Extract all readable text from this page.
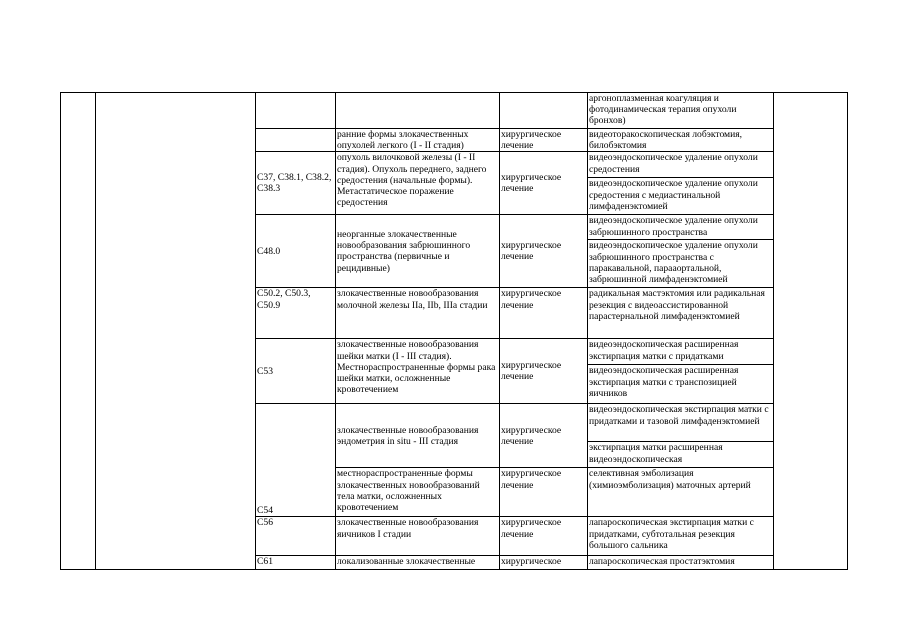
					аргоноплазменная коагуляция и фотодинамическая терапия опухоли бронхов)	
			ранние формы злокачественных опухолей легкого (I - II стадия)	хирургическое лечение	видеоторакоскопическая лобэктомия, билобэктомия	
		C37, C38.1, C38.2, C38.3	опухоль вилочковой железы (I - II стадия). Опухоль переднего, заднего средостения (начальные формы). Метастатическое поражение средостения	хирургическое лечение	видеоэндоскопическое удаление опухоли средостения	
					видеоэндоскопическое удаление опухоли средостения с медиастинальной лимфаденэктомией	
		C48.0	неорганные злокачественные новообразования забрюшинного пространства (первичные и рецидивные)	хирургическое лечение	видеоэндоскопическое удаление опухоли забрюшинного пространства	
					видеоэндоскопическое удаление опухоли забрюшинного пространства с паракавальной, парааортальной, забрюшинной лимфаденэктомией	
		C50.2, C50.3, C50.9	злокачественные новообразования молочной железы IIa, IIb, IIIa стадии	хирургическое лечение	радикальная мастэктомия или радикальная резекция с видеоассистированной парастернальной лимфаденэктомией	
		C53	злокачественные новообразования шейки матки (I - III стадия). Местнораспространенные формы рака шейки матки, осложненные кровотечением	хирургическое лечение	видеоэндоскопическая расширенная экстирпация матки с придатками	
					видеоэндоскопическая расширенная экстирпация матки с транспозицией яичников	
		C54	злокачественные новообразования эндометрия in situ - III стадия	хирургическое лечение	видеоэндоскопическая экстирпация матки с придатками и тазовой лимфаденэктомией	
					экстирпация матки расширенная видеоэндоскопическая	
			местнораспространенные формы злокачественных новообразований тела матки, осложненных кровотечением	хирургическое лечение	селективная эмболизация (химиоэмболизация) маточных артерий	
		C56	злокачественные новообразования яичников I стадии	хирургическое лечение	лапароскопическая экстирпация матки с придатками, субтотальная резекция большого сальника	
		C61	локализованные злокачественные	хирургическое	лапароскопическая простатэктомия	
